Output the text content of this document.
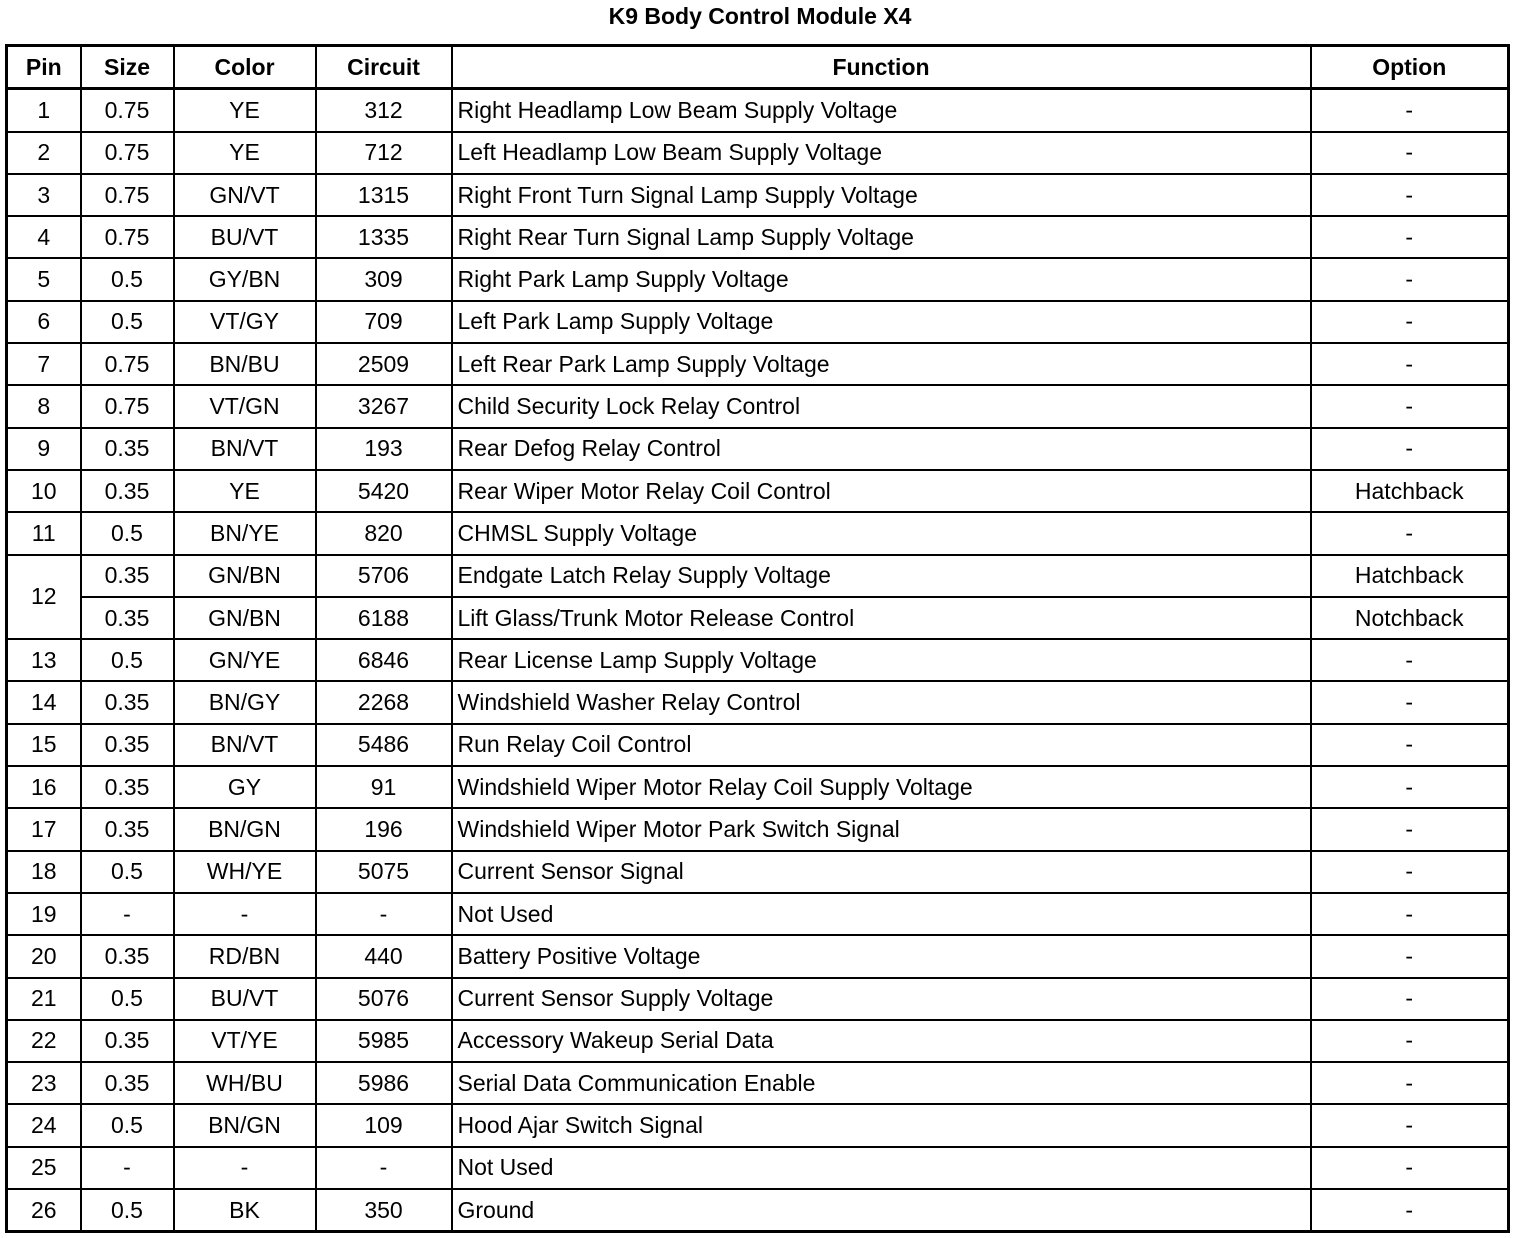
K9 Body Control Module X4
Pin	Size	Color	Circuit	Function	Option
1	0.75	YE	312	Right Headlamp Low Beam Supply Voltage	-
2	0.75	YE	712	Left Headlamp Low Beam Supply Voltage	-
3	0.75	GN/VT	1315	Right Front Turn Signal Lamp Supply Voltage	-
4	0.75	BU/VT	1335	Right Rear Turn Signal Lamp Supply Voltage	-
5	0.5	GY/BN	309	Right Park Lamp Supply Voltage	-
6	0.5	VT/GY	709	Left Park Lamp Supply Voltage	-
7	0.75	BN/BU	2509	Left Rear Park Lamp Supply Voltage	-
8	0.75	VT/GN	3267	Child Security Lock Relay Control	-
9	0.35	BN/VT	193	Rear Defog Relay Control	-
10	0.35	YE	5420	Rear Wiper Motor Relay Coil Control	Hatchback
11	0.5	BN/YE	820	CHMSL Supply Voltage	-
12	0.35	GN/BN	5706	Endgate Latch Relay Supply Voltage	Hatchback
	0.35	GN/BN	6188	Lift Glass/Trunk Motor Release Control	Notchback
13	0.5	GN/YE	6846	Rear License Lamp Supply Voltage	-
14	0.35	BN/GY	2268	Windshield Washer Relay Control	-
15	0.35	BN/VT	5486	Run Relay Coil Control	-
16	0.35	GY	91	Windshield Wiper Motor Relay Coil Supply Voltage	-
17	0.35	BN/GN	196	Windshield Wiper Motor Park Switch Signal	-
18	0.5	WH/YE	5075	Current Sensor Signal	-
19	-	-	-	Not Used	-
20	0.35	RD/BN	440	Battery Positive Voltage	-
21	0.5	BU/VT	5076	Current Sensor Supply Voltage	-
22	0.35	VT/YE	5985	Accessory Wakeup Serial Data	-
23	0.35	WH/BU	5986	Serial Data Communication Enable	-
24	0.5	BN/GN	109	Hood Ajar Switch Signal	-
25	-	-	-	Not Used	-
26	0.5	BK	350	Ground	-
